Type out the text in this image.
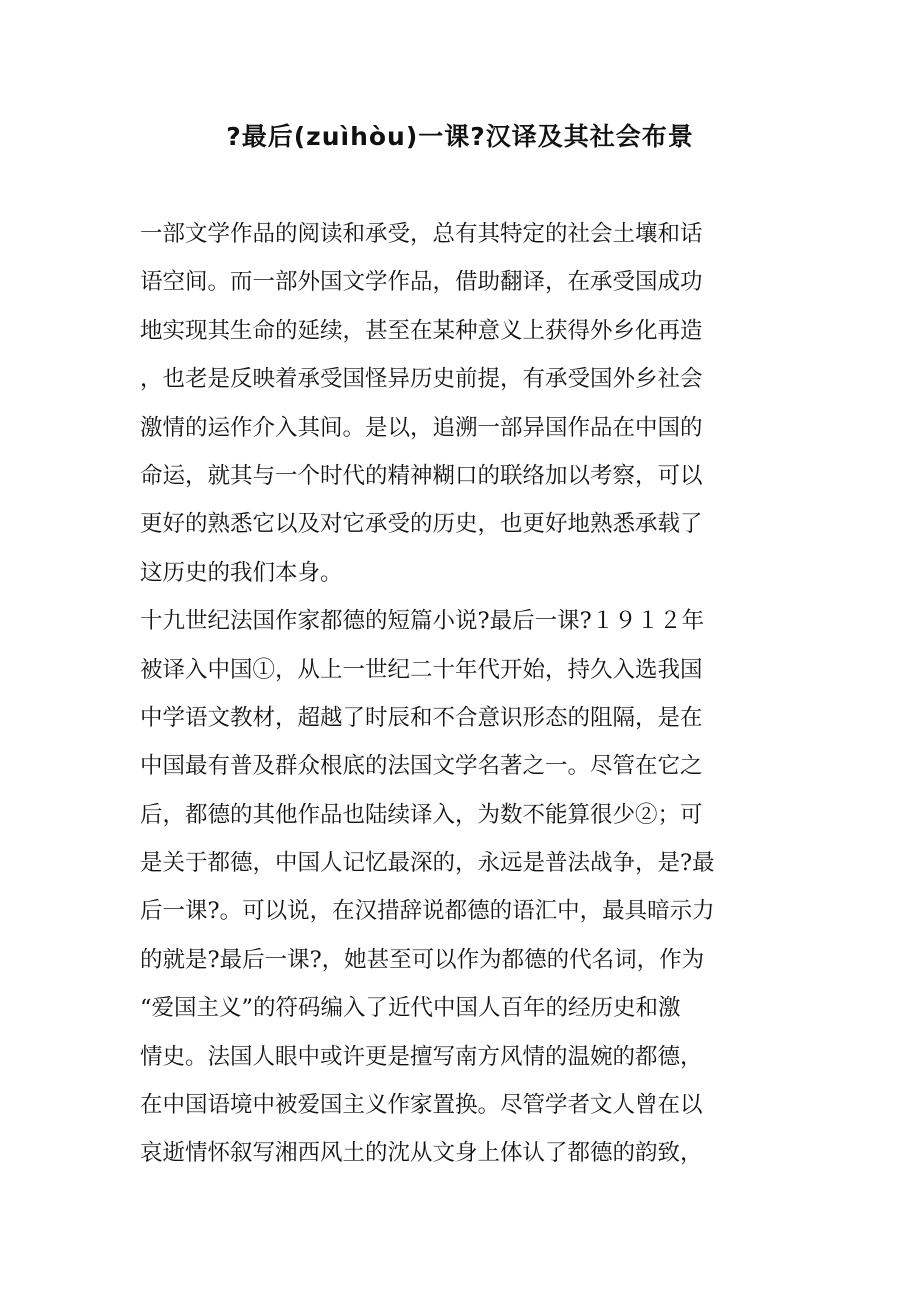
?最后(zuìhòu)一课?汉译及其社会布景
一部文学作品的阅读和承受，总有其特定的社会土壤和话
语空间。而一部外国文学作品，借助翻译，在承受国成功
地实现其生命的延续，甚至在某种意义上获得外乡化再造
，也老是反映着承受国怪异历史前提，有承受国外乡社会
激情的运作介入其间。是以，追溯一部异国作品在中国的
命运，就其与一个时代的精神糊口的联络加以考察，可以
更好的熟悉它以及对它承受的历史，也更好地熟悉承载了
这历史的我们本身。
十九世纪法国作家都德的短篇小说?最后一课?１９１２年
被译入中国①，从上一世纪二十年代开始，持久入选我国
中学语文教材，超越了时辰和不合意识形态的阻隔，是在
中国最有普及群众根底的法国文学名著之一。尽管在它之
后，都德的其他作品也陆续译入，为数不能算很少②；可
是关于都德，中国人记忆最深的，永远是普法战争，是?最
后一课?。可以说，在汉措辞说都德的语汇中，最具暗示力
的就是?最后一课?，她甚至可以作为都德的代名词，作为
“爱国主义”的符码编入了近代中国人百年的经历史和激
情史。法国人眼中或许更是擅写南方风情的温婉的都德，
在中国语境中被爱国主义作家置换。尽管学者文人曾在以
哀逝情怀叙写湘西风土的沈从文身上体认了都德的韵致，
